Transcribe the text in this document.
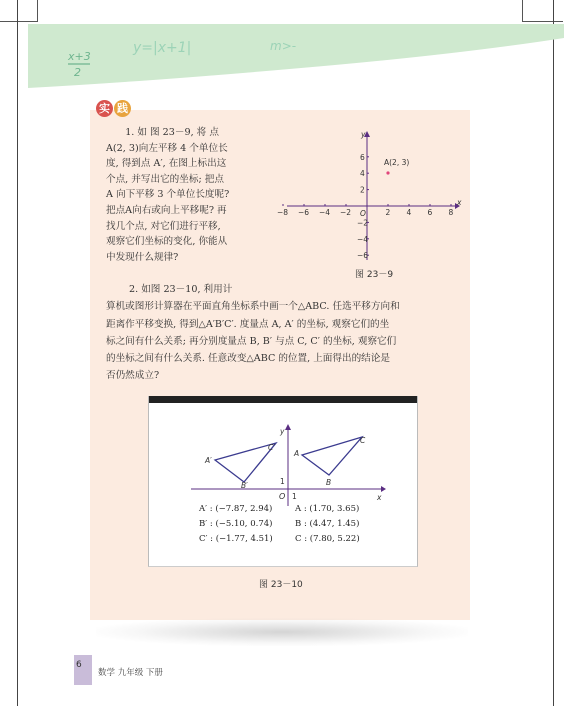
x+3
2
y=|x+1|	m>-
实 践
1. 如 图 23－9, 将 点
A(2, 3)向左平移 4 个单位长
度, 得到点 A′, 在图上标出这
个点, 并写出它的坐标; 把点
A 向下平移 3 个单位长度呢?
把点A向右或向上平移呢? 再
找几个点, 对它们进行平移,
观察它们坐标的变化, 你能从
中发现什么规律?
x
y
O
−8 −6 −4 −2	2 4 6 8
6
4
2
−2
−4
−6
A(2, 3)
图 23－9
2. 如图 23－10, 利用计
算机或图形计算器在平面直角坐标系中画一个△ABC. 任选平移方向和
距离作平移变换, 得到△A′B′C′. 度量点 A, A′ 的坐标, 观察它们的坐
标之间有什么关系; 再分别度量点 B, B′ 与点 C, C′ 的坐标, 观察它们
的坐标之间有什么关系. 任意改变△ABC 的位置, 上面得出的结论是
否仍然成立?
x
y
O 1
1
A′
B′
C′
A
B
C
A′ : (−7.87, 2.94)
B′ : (−5.10, 0.74)
C′ : (−1.77, 4.51)
A : (1.70, 3.65)
B : (4.47, 1.45)
C : (7.80, 5.22)
图 23－10
6
数学 九年级 下册
